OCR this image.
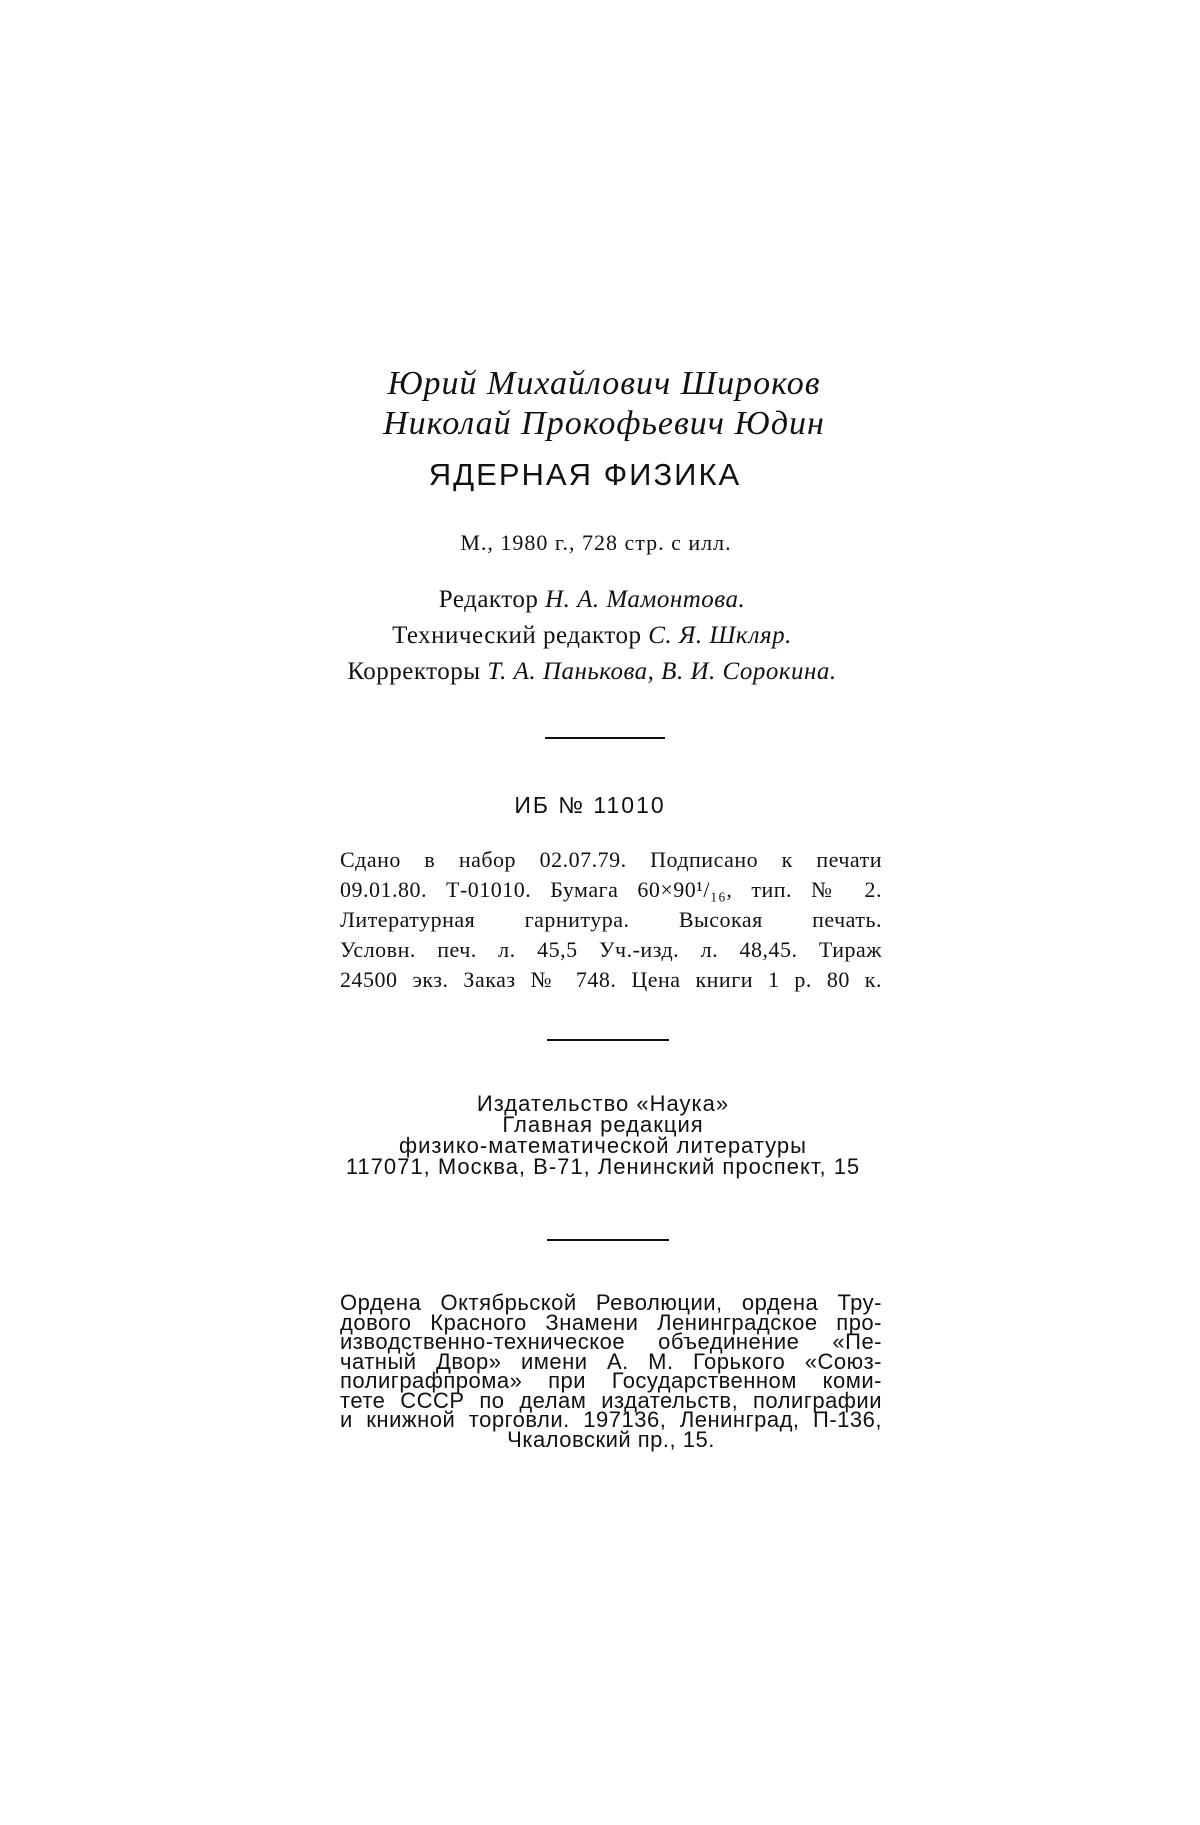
Юрий Михайлович Широков
Николай Прокофьевич Юдин
ЯДЕРНАЯ ФИЗИКА
М., 1980 г., 728 стр. с илл.
Редактор Н. А. Мамонтова.
Технический редактор С. Я. Шкляр.
Корректоры Т. А. Панькова, В. И. Сорокина.
ИБ № 11010
Сдано в набор 02.07.79. Подписано к печати
09.01.80. Т-01010. Бумага 60×90¹/₁₆, тип. № 2.
Литературная гарнитура. Высокая печать.
Условн. печ. л. 45,5 Уч.-изд. л. 48,45. Тираж
24500 экз. Заказ № 748. Цена книги 1 р. 80 к.
Издательство «Наука»
Главная редакция
физико-математической литературы
117071, Москва, В-71, Ленинский проспект, 15
Ордена Октябрьской Революции, ордена Тру-
дового Красного Знамени Ленинградское про-
изводственно-техническое объединение «Пе-
чатный Двор» имени А. М. Горького «Союз-
полиграфпрома» при Государственном коми-
тете СССР по делам издательств, полиграфии
и книжной торговли. 197136, Ленинград, П-136,
Чкаловский пр., 15.
